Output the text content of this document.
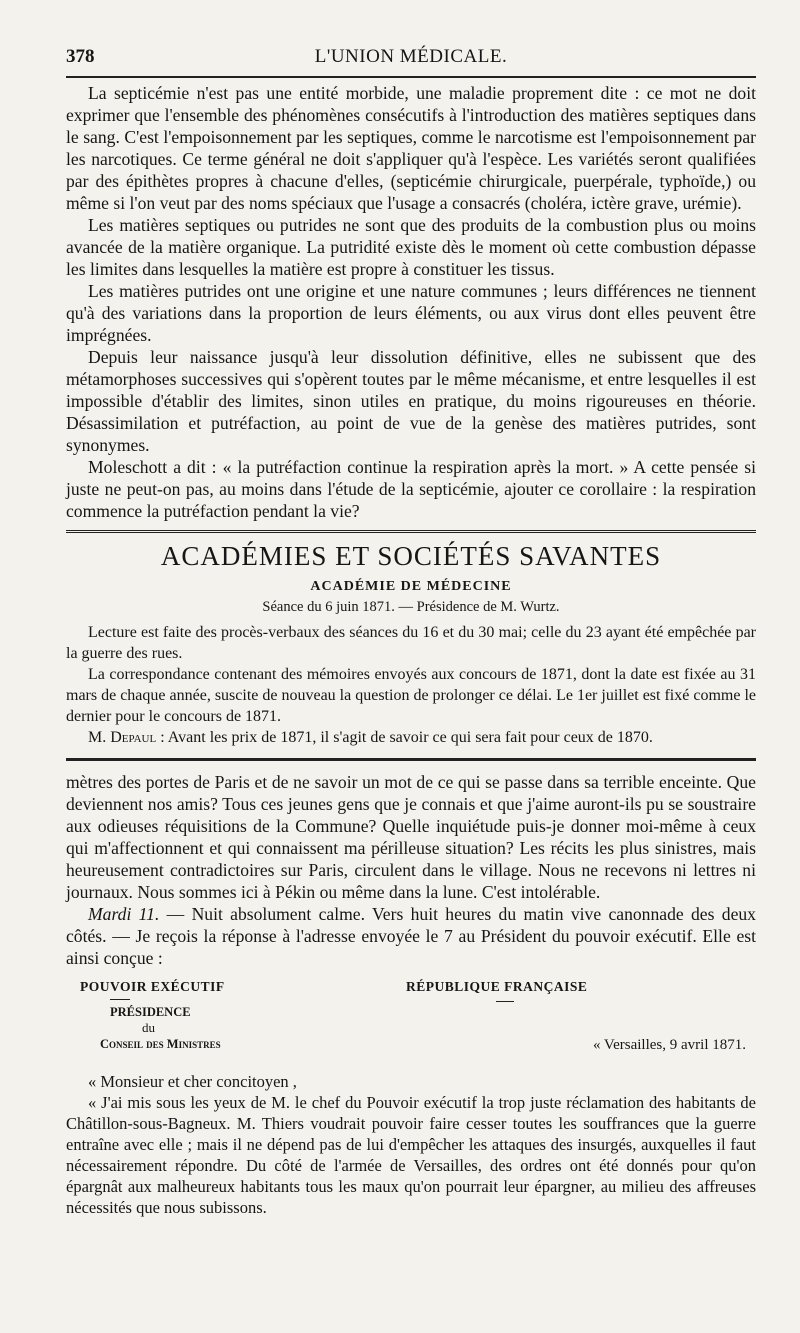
378	L'UNION MÉDICALE.

La septicémie n'est pas une entité morbide, une maladie proprement dite : ce mot ne doit exprimer que l'ensemble des phénomènes consécutifs à l'introduction des matières septiques dans le sang. C'est l'empoisonnement par les septiques, comme le narcotisme est l'empoisonnement par les narcotiques. Ce terme général ne doit s'appliquer qu'à l'espèce. Les variétés seront qualifiées par des épithètes propres à chacune d'elles, (septicémie chirurgicale, puerpérale, typhoïde,) ou même si l'on veut par des noms spéciaux que l'usage a consacrés (choléra, ictère grave, urémie).

Les matières septiques ou putrides ne sont que des produits de la combustion plus ou moins avancée de la matière organique. La putridité existe dès le moment où cette combustion dépasse les limites dans lesquelles la matière est propre à constituer les tissus.

Les matières putrides ont une origine et une nature communes ; leurs différences ne tiennent qu'à des variations dans la proportion de leurs éléments, ou aux virus dont elles peuvent être imprégnées.

Depuis leur naissance jusqu'à leur dissolution définitive, elles ne subissent que des métamorphoses successives qui s'opèrent toutes par le même mécanisme, et entre lesquelles il est impossible d'établir des limites, sinon utiles en pratique, du moins rigoureuses en théorie. Désassimilation et putréfaction, au point de vue de la genèse des matières putrides, sont synonymes.

Moleschott a dit : « la putréfaction continue la respiration après la mort. » A cette pensée si juste ne peut-on pas, au moins dans l'étude de la septicémie, ajouter ce corollaire : la respiration commence la putréfaction pendant la vie?

ACADÉMIES ET SOCIÉTÉS SAVANTES
ACADÉMIE DE MÉDECINE
Séance du 6 juin 1871. — Présidence de M. Wurtz.

Lecture est faite des procès-verbaux des séances du 16 et du 30 mai; celle du 23 ayant été empêchée par la guerre des rues.

La correspondance contenant des mémoires envoyés aux concours de 1871, dont la date est fixée au 31 mars de chaque année, suscite de nouveau la question de prolonger ce délai. Le 1er juillet est fixé comme le dernier pour le concours de 1871.

M. Depaul : Avant les prix de 1871, il s'agit de savoir ce qui sera fait pour ceux de 1870.

mètres des portes de Paris et de ne savoir un mot de ce qui se passe dans sa terrible enceinte. Que deviennent nos amis? Tous ces jeunes gens que je connais et que j'aime auront-ils pu se soustraire aux odieuses réquisitions de la Commune? Quelle inquiétude puis-je donner moi-même à ceux qui m'affectionnent et qui connaissent ma périlleuse situation? Les récits les plus sinistres, mais heureusement contradictoires sur Paris, circulent dans le village. Nous ne recevons ni lettres ni journaux. Nous sommes ici à Pékin ou même dans la lune. C'est intolérable.

Mardi 11. — Nuit absolument calme. Vers huit heures du matin vive canonnade des deux côtés. — Je reçois la réponse à l'adresse envoyée le 7 au Président du pouvoir exécutif. Elle est ainsi conçue :

POUVOIR EXÉCUTIF
PRÉSIDENCE
du
Conseil des Ministres
RÉPUBLIQUE FRANÇAISE
« Versailles, 9 avril 1871.

« Monsieur et cher concitoyen ,

« J'ai mis sous les yeux de M. le chef du Pouvoir exécutif la trop juste réclamation des habitants de Châtillon-sous-Bagneux. M. Thiers voudrait pouvoir faire cesser toutes les souffrances que la guerre entraîne avec elle ; mais il ne dépend pas de lui d'empêcher les attaques des insurgés, auxquelles il faut nécessairement répondre. Du côté de l'armée de Versailles, des ordres ont été donnés pour qu'on épargnât aux malheureux habitants tous les maux qu'on pourrait leur épargner, au milieu des affreuses nécessités que nous subissons.
